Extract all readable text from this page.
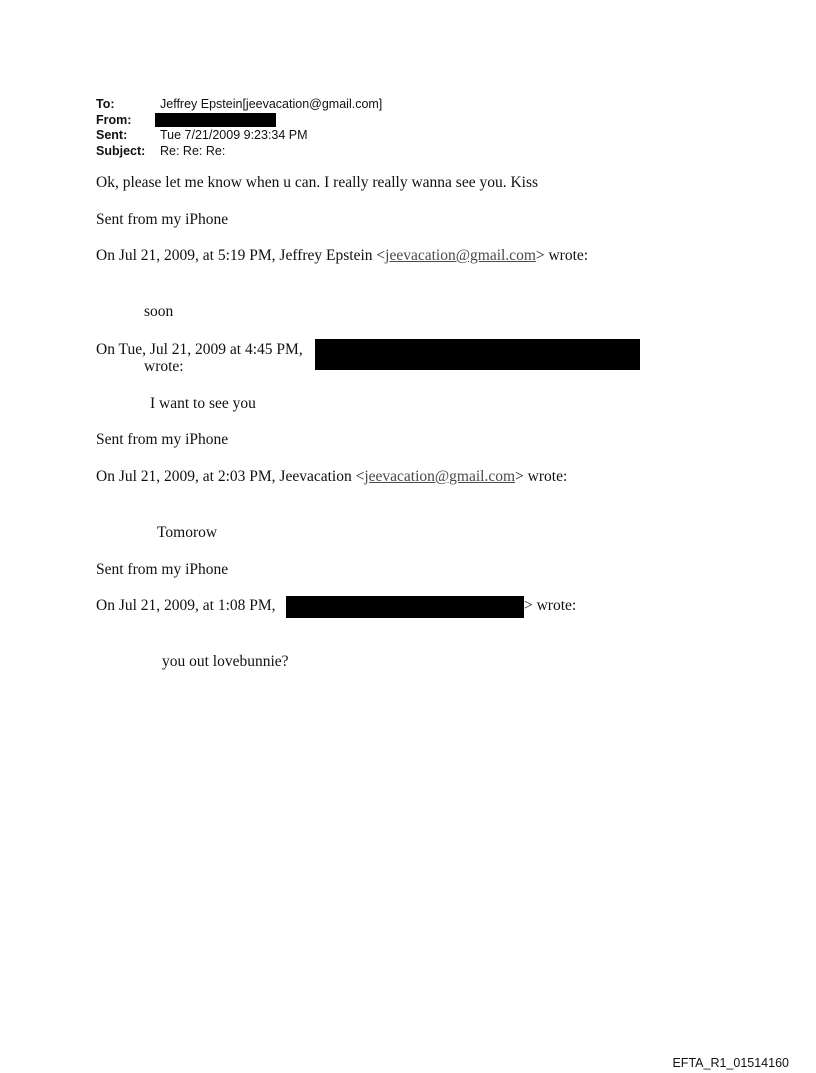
To:	Jeffrey Epstein[jeevacation@gmail.com]
From:
Sent:	Tue 7/21/2009 9:23:34 PM
Subject: Re: Re: Re:
Ok, please let me know when u can. I really really wanna see you. Kiss
Sent from my iPhone
On Jul 21, 2009, at 5:19 PM, Jeffrey Epstein <jeevacation@gmail.com> wrote:
soon
On Tue, Jul 21, 2009 at 4:45 PM,
wrote:
I want to see you
Sent from my iPhone
On Jul 21, 2009, at 2:03 PM, Jeevacation <jeevacation@gmail.com> wrote:
Tomorow
Sent from my iPhone
On Jul 21, 2009, at 1:08 PM,	> wrote:
you out lovebunnie?
EFTA_R1_01514160
